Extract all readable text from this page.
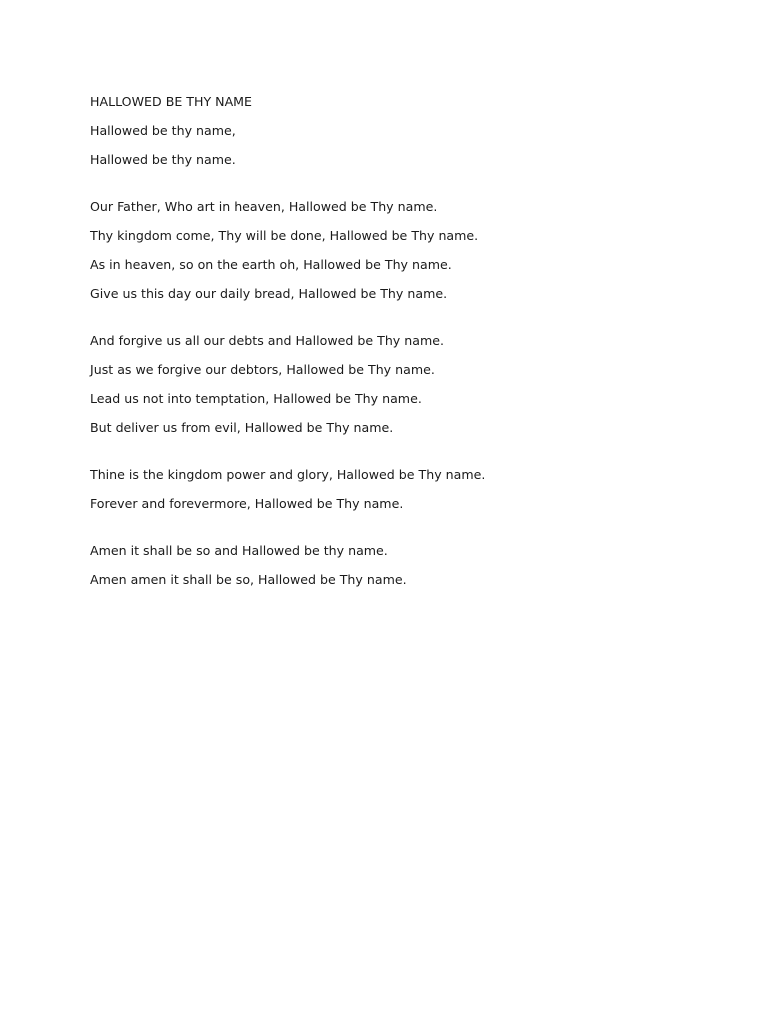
HALLOWED BE THY NAME
Hallowed be thy name,
Hallowed be thy name.
Our Father, Who art in heaven, Hallowed be Thy name.
Thy kingdom come, Thy will be done, Hallowed be Thy name.
As in heaven, so on the earth oh, Hallowed be Thy name.
Give us this day our daily bread, Hallowed be Thy name.
And forgive us all our debts and Hallowed be Thy name.
Just as we forgive our debtors, Hallowed be Thy name.
Lead us not into temptation, Hallowed be Thy name.
But deliver us from evil, Hallowed be Thy name.
Thine is the kingdom power and glory, Hallowed be Thy name.
Forever and forevermore, Hallowed be Thy name.
Amen it shall be so and Hallowed be thy name.
Amen amen it shall be so, Hallowed be Thy name.
